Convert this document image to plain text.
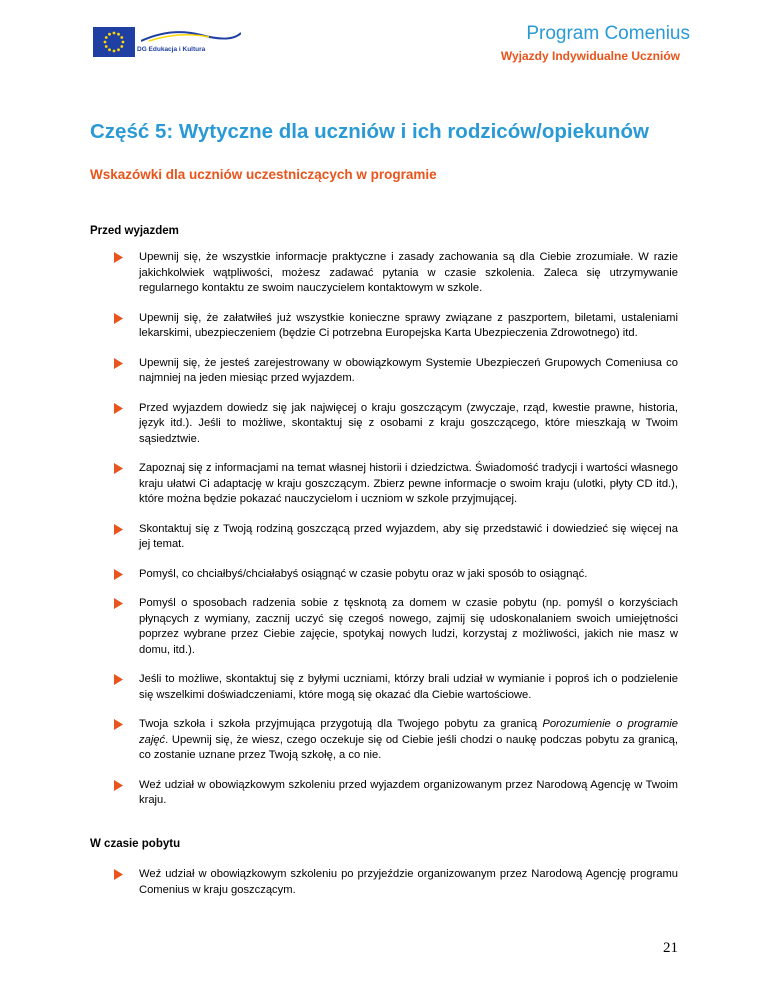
DG Edukacja i Kultura
Program Comenius
Wyjazdy Indywidualne Uczniów
Część 5: Wytyczne dla uczniów i ich rodziców/opiekunów
Wskazówki dla uczniów uczestniczących w programie
Przed wyjazdem
Upewnij się, że wszystkie informacje praktyczne i zasady zachowania są dla Ciebie zrozumiałe. W razie jakichkolwiek wątpliwości, możesz zadawać pytania w czasie szkolenia. Zaleca się utrzymywanie regularnego kontaktu ze swoim nauczycielem kontaktowym w szkole.
Upewnij się, że załatwiłeś już wszystkie konieczne sprawy związane z paszportem, biletami, ustaleniami lekarskimi, ubezpieczeniem (będzie Ci potrzebna Europejska Karta Ubezpieczenia Zdrowotnego) itd.
Upewnij się, że jesteś zarejestrowany w obowiązkowym Systemie Ubezpieczeń Grupowych Comeniusa co najmniej na jeden miesiąc przed wyjazdem.
Przed wyjazdem dowiedz się jak najwięcej o kraju goszczącym (zwyczaje, rząd, kwestie prawne, historia, język itd.). Jeśli to możliwe, skontaktuj się z osobami z kraju goszczącego, które mieszkają w Twoim sąsiedztwie.
Zapoznaj się z informacjami na temat własnej historii i dziedzictwa. Świadomość tradycji i wartości własnego kraju ułatwi Ci adaptację w kraju goszczącym. Zbierz pewne informacje o swoim kraju (ulotki, płyty CD itd.), które można będzie pokazać nauczycielom i uczniom w szkole przyjmującej.
Skontaktuj się z Twoją rodziną goszczącą przed wyjazdem, aby się przedstawić i dowiedzieć się więcej na jej temat.
Pomyśl, co chciałbyś/chciałabyś osiągnąć w czasie pobytu oraz w jaki sposób to osiągnąć.
Pomyśl o sposobach radzenia sobie z tęsknotą za domem w czasie pobytu (np. pomyśl o korzyściach płynących z wymiany, zacznij uczyć się czegoś nowego, zajmij się udoskonalaniem swoich umiejętności poprzez wybrane przez Ciebie zajęcie, spotykaj nowych ludzi, korzystaj z możliwości, jakich nie masz w domu, itd.).
Jeśli to możliwe, skontaktuj się z byłymi uczniami, którzy brali udział w wymianie i poproś ich o podzielenie się wszelkimi doświadczeniami, które mogą się okazać dla Ciebie wartościowe.
Twoja szkoła i szkoła przyjmująca przygotują dla Twojego pobytu za granicą Porozumienie o programie zajęć. Upewnij się, że wiesz, czego oczekuje się od Ciebie jeśli chodzi o naukę podczas pobytu za granicą, co zostanie uznane przez Twoją szkołę, a co nie.
Weź udział w obowiązkowym szkoleniu przed wyjazdem organizowanym przez Narodową Agencję w Twoim kraju.
W czasie pobytu
Weź udział w obowiązkowym szkoleniu po przyjeździe organizowanym przez Narodową Agencję programu Comenius w kraju goszczącym.
21
